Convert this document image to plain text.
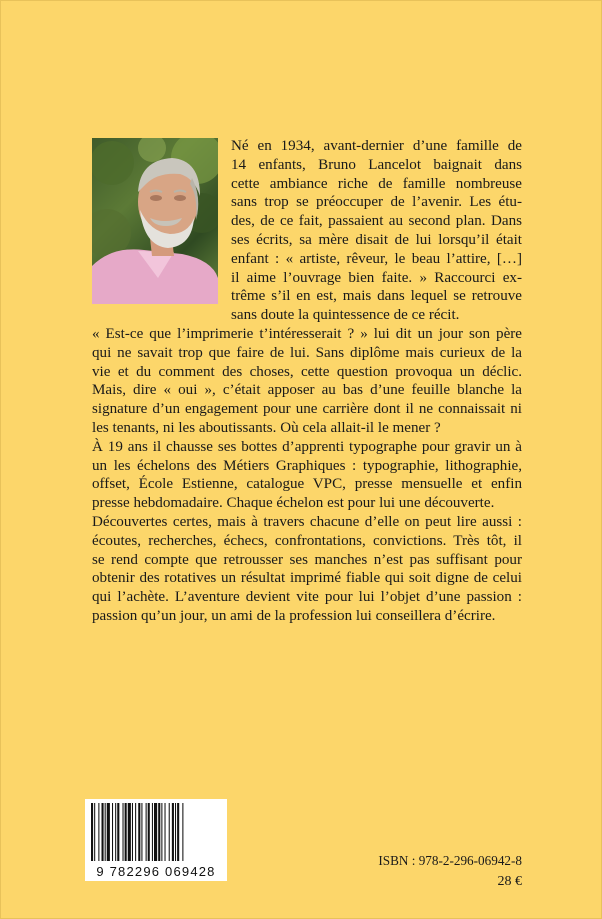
Né en 1934, avant-dernier d’une famille de
14 enfants, Bruno Lancelot baignait dans
cette ambiance riche de famille nombreuse
sans trop se préoccuper de l’avenir. Les étu-
des, de ce fait, passaient au second plan. Dans
ses écrits, sa mère disait de lui lorsqu’il était
enfant : « artiste, rêveur, le beau l’attire, […]
il aime l’ouvrage bien faite. » Raccourci ex-
trême s’il en est, mais dans lequel se retrouve
sans doute la quintessence de ce récit.
« Est-ce que l’imprimerie t’intéresserait ? » lui dit un jour son père
qui ne savait trop que faire de lui. Sans diplôme mais curieux de la
vie et du comment des choses, cette question provoqua un déclic.
Mais, dire « oui », c’était apposer au bas d’une feuille blanche la
signature d’un engagement pour une carrière dont il ne connaissait ni
les tenants, ni les aboutissants. Où cela allait-il le mener ?
À 19 ans il chausse ses bottes d’apprenti typographe pour gravir un à
un les échelons des Métiers Graphiques : typographie, lithographie,
offset, École Estienne, catalogue VPC, presse mensuelle et enfin
presse hebdomadaire. Chaque échelon est pour lui une découverte.
Découvertes certes, mais à travers chacune d’elle on peut lire aussi :
écoutes, recherches, échecs, confrontations, convictions. Très tôt, il
se rend compte que retrousser ses manches n’est pas suffisant pour
obtenir des rotatives un résultat imprimé fiable qui soit digne de celui
qui l’achète. L’aventure devient vite pour lui l’objet d’une passion :
passion qu’un jour, un ami de la profession lui conseillera d’écrire.
9 782296 069428
ISBN : 978-2-296-06942-8
28 €
